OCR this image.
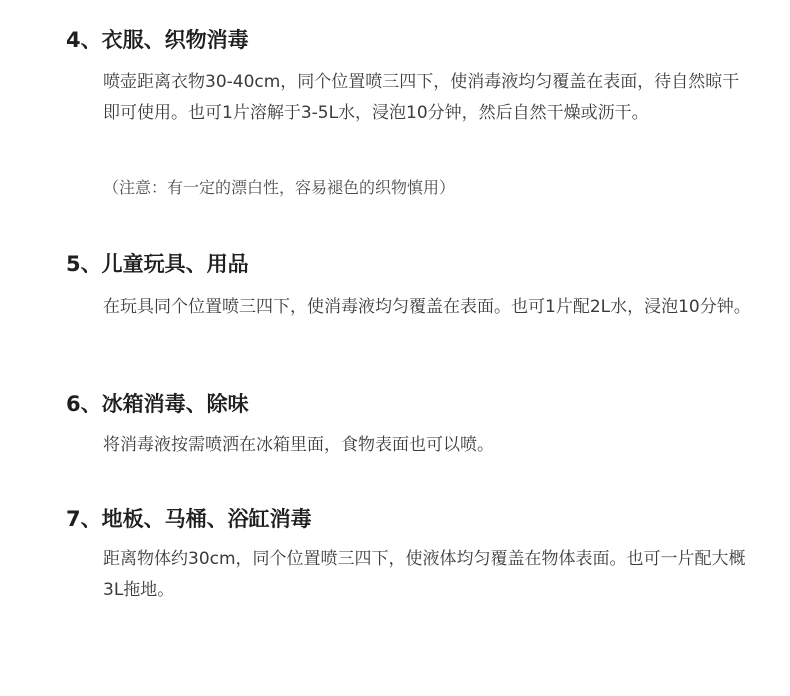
4、衣服、织物消毒

喷壶距离衣物30-40cm，同个位置喷三四下，使消毒液均匀覆盖在表面，待自然晾干即可使用。也可1片溶解于3-5L水，浸泡10分钟，然后自然干燥或沥干。

（注意：有一定的漂白性，容易褪色的织物慎用）

5、儿童玩具、用品

在玩具同个位置喷三四下，使消毒液均匀覆盖在表面。也可1片配2L水，浸泡10分钟。

6、冰箱消毒、除味

将消毒液按需喷洒在冰箱里面，食物表面也可以喷。

7、地板、马桶、浴缸消毒

距离物体约30cm，同个位置喷三四下，使液体均匀覆盖在物体表面。也可一片配大概3L拖地。
